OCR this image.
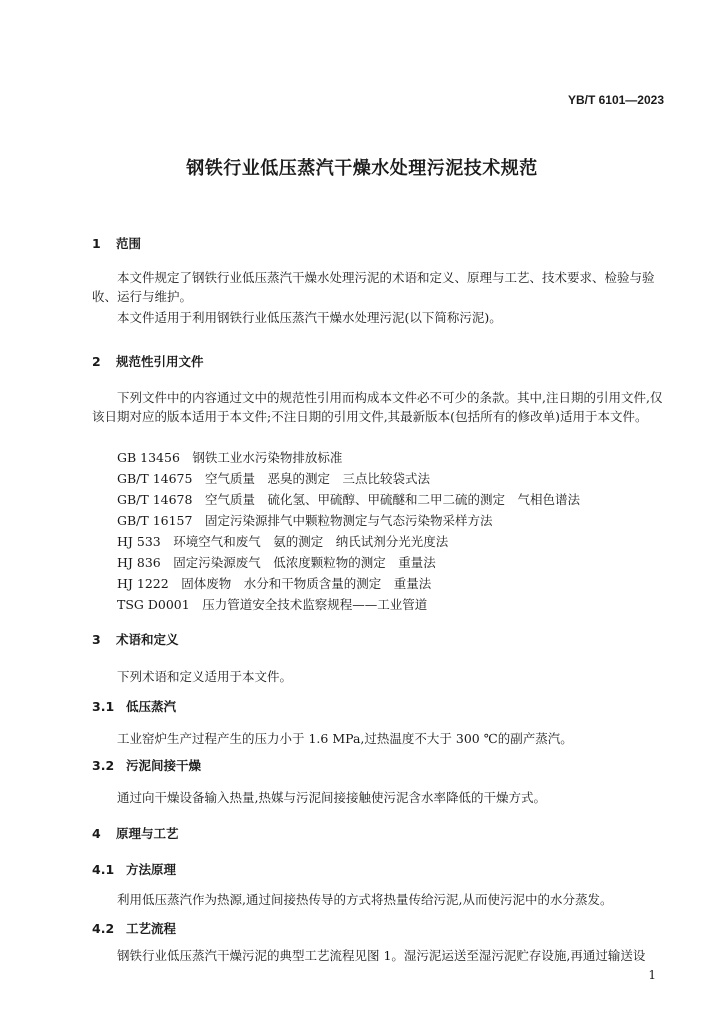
YB/T 6101—2023
钢铁行业低压蒸汽干燥水处理污泥技术规范
1 范围
本文件规定了钢铁行业低压蒸汽干燥水处理污泥的术语和定义、原理与工艺、技术要求、检验与验收、运行与维护。
本文件适用于利用钢铁行业低压蒸汽干燥水处理污泥(以下简称污泥)。
2 规范性引用文件
下列文件中的内容通过文中的规范性引用而构成本文件必不可少的条款。其中,注日期的引用文件,仅该日期对应的版本适用于本文件;不注日期的引用文件,其最新版本(包括所有的修改单)适用于本文件。
GB 13456　钢铁工业水污染物排放标准
GB/T 14675　空气质量　恶臭的测定　三点比较袋式法
GB/T 14678　空气质量　硫化氢、甲硫醇、甲硫醚和二甲二硫的测定　气相色谱法
GB/T 16157　固定污染源排气中颗粒物测定与气态污染物采样方法
HJ 533　环境空气和废气　氨的测定　纳氏试剂分光光度法
HJ 836　固定污染源废气　低浓度颗粒物的测定　重量法
HJ 1222　固体废物　水分和干物质含量的测定　重量法
TSG D0001　压力管道安全技术监察规程——工业管道
3 术语和定义
下列术语和定义适用于本文件。
3.1 低压蒸汽
工业窑炉生产过程产生的压力小于 1.6 MPa,过热温度不大于 300 ℃的副产蒸汽。
3.2 污泥间接干燥
通过向干燥设备输入热量,热媒与污泥间接接触使污泥含水率降低的干燥方式。
4 原理与工艺
4.1 方法原理
利用低压蒸汽作为热源,通过间接热传导的方式将热量传给污泥,从而使污泥中的水分蒸发。
4.2 工艺流程
钢铁行业低压蒸汽干燥污泥的典型工艺流程见图 1。湿污泥运送至湿污泥贮存设施,再通过输送设
1
